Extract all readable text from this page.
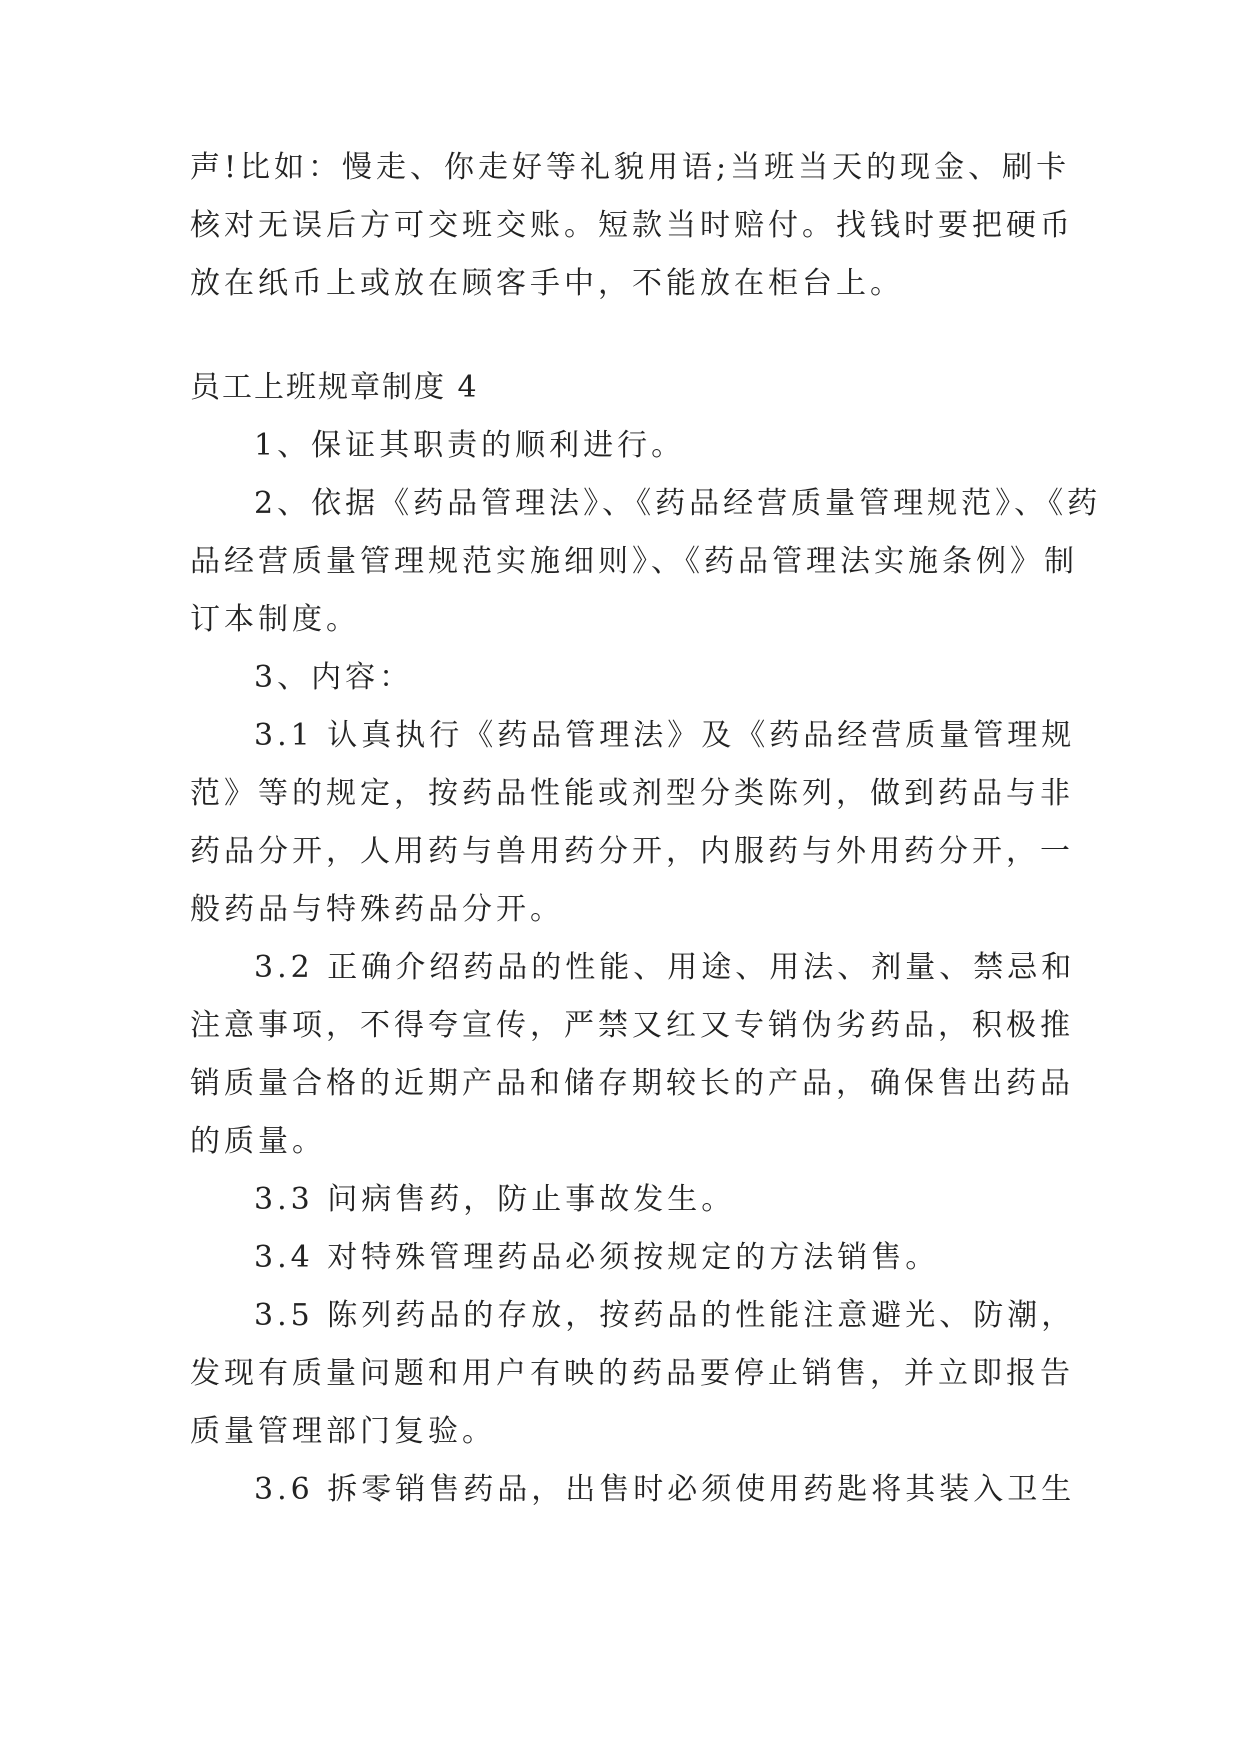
声!比如：慢走、你走好等礼貌用语;当班当天的现金、刷卡
核对无误后方可交班交账。短款当时赔付。找钱时要把硬币
放在纸币上或放在顾客手中，不能放在柜台上。
员工上班规章制度 4
1、保证其职责的顺利进行。
2、依据《药品管理法》、《药品经营质量管理规范》、《药
品经营质量管理规范实施细则》、《药品管理法实施条例》制
订本制度。
3、内容：
3.1 认真执行《药品管理法》及《药品经营质量管理规
范》等的规定，按药品性能或剂型分类陈列，做到药品与非
药品分开，人用药与兽用药分开，内服药与外用药分开，一
般药品与特殊药品分开。
3.2 正确介绍药品的性能、用途、用法、剂量、禁忌和
注意事项，不得夸宣传，严禁又红又专销伪劣药品，积极推
销质量合格的近期产品和储存期较长的产品，确保售出药品
的质量。
3.3 问病售药，防止事故发生。
3.4 对特殊管理药品必须按规定的方法销售。
3.5 陈列药品的存放，按药品的性能注意避光、防潮，
发现有质量问题和用户有映的药品要停止销售，并立即报告
质量管理部门复验。
3.6 拆零销售药品，出售时必须使用药匙将其装入卫生
